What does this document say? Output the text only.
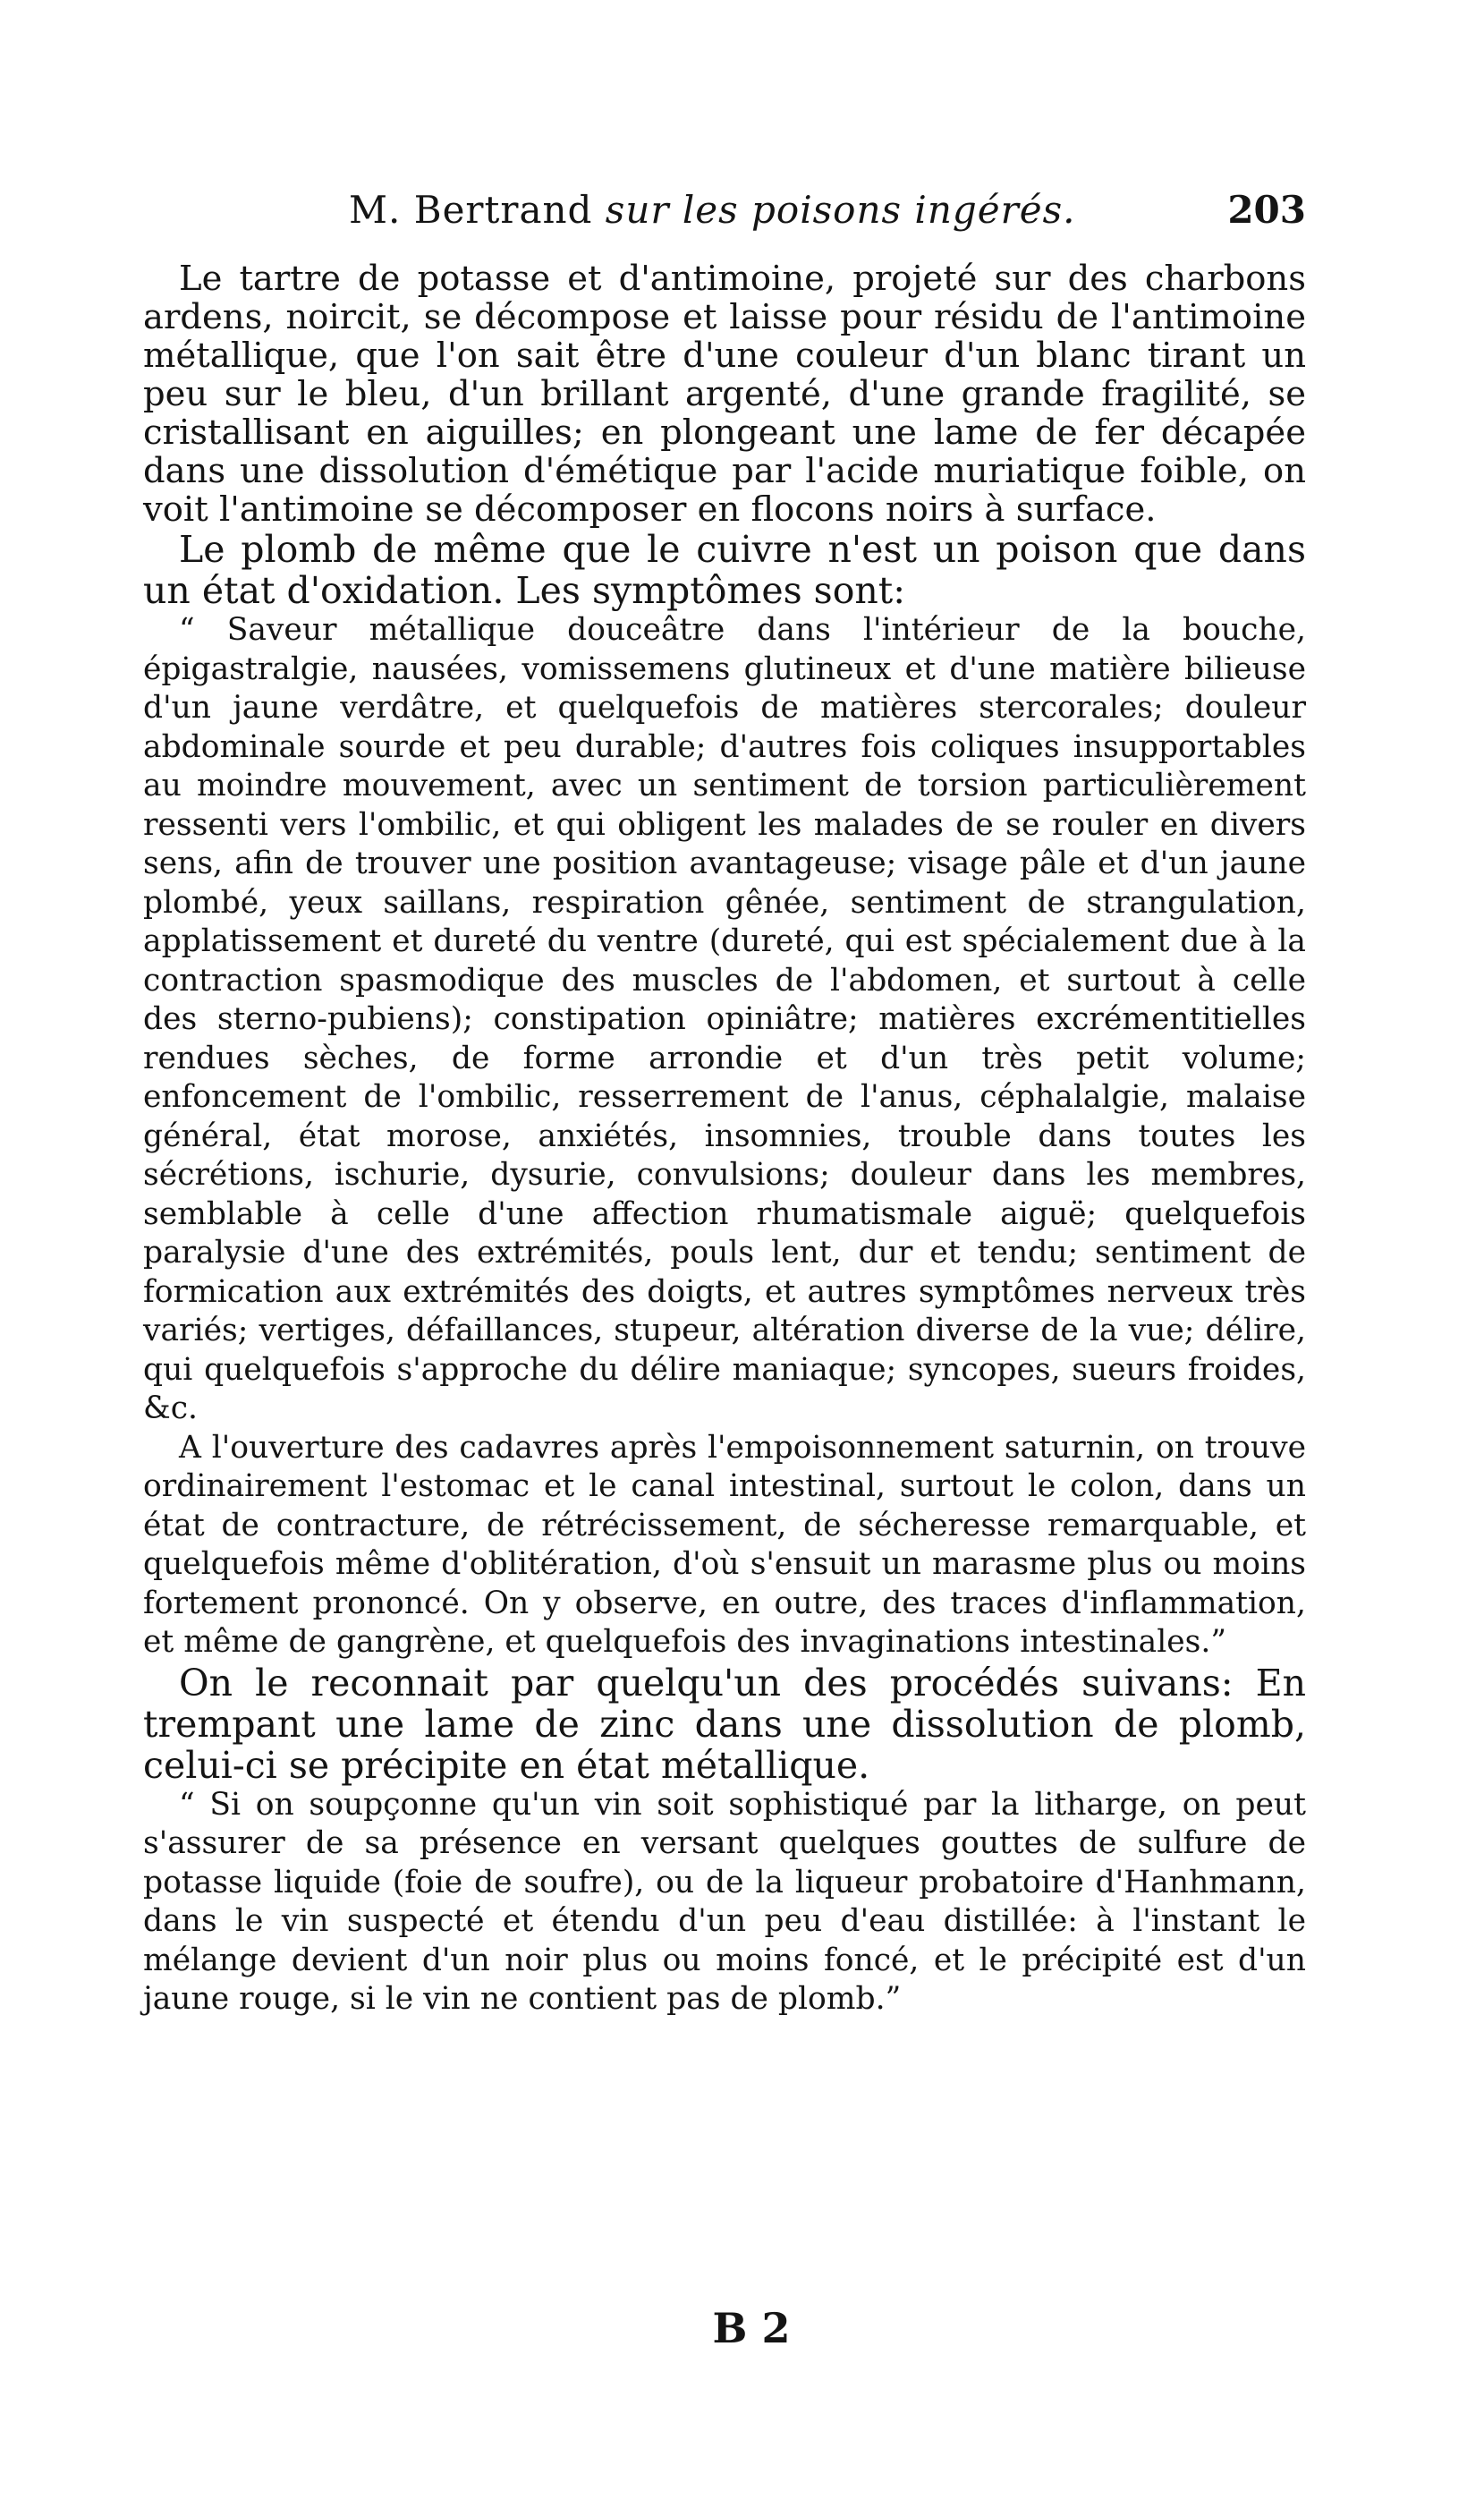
M. Bertrand sur les poisons ingérés.	203

Le tartre de potasse et d'antimoine, projeté sur des charbons ardens, noircit, se décompose et laisse pour résidu de l'antimoine métallique, que l'on sait être d'une couleur d'un blanc tirant un peu sur le bleu, d'un brillant argenté, d'une grande fragilité, se cristallisant en aiguilles; en plongeant une lame de fer décapée dans une dissolution d'émétique par l'acide muriatique foible, on voit l'antimoine se décomposer en flocons noirs à surface.

Le plomb de même que le cuivre n'est un poison que dans un état d'oxidation. Les symptômes sont:

“ Saveur métallique douceâtre dans l'intérieur de la bouche, épigastralgie, nausées, vomissemens glutineux et d'une matière bilieuse d'un jaune verdâtre, et quelquefois de matières stercorales; douleur abdominale sourde et peu durable; d'autres fois coliques insupportables au moindre mouvement, avec un sentiment de torsion particulièrement ressenti vers l'ombilic, et qui obligent les malades de se rouler en divers sens, afin de trouver une position avantageuse; visage pâle et d'un jaune plombé, yeux saillans, respiration gênée, sentiment de strangulation, applatissement et dureté du ventre (dureté, qui est spécialement due à la contraction spasmodique des muscles de l'abdomen, et surtout à celle des sterno-pubiens); constipation opiniâtre; matières excrémentitielles rendues sèches, de forme arrondie et d'un très petit volume; enfoncement de l'ombilic, resserrement de l'anus, céphalalgie, malaise général, état morose, anxiétés, insomnies, trouble dans toutes les sécrétions, ischurie, dysurie, convulsions; douleur dans les membres, semblable à celle d'une affection rhumatismale aiguë; quelquefois paralysie d'une des extrémités, pouls lent, dur et tendu; sentiment de formication aux extrémités des doigts, et autres symptômes nerveux très variés; vertiges, défaillances, stupeur, altération diverse de la vue; délire, qui quelquefois s'approche du délire maniaque; syncopes, sueurs froides, &c.

A l'ouverture des cadavres après l'empoisonnement saturnin, on trouve ordinairement l'estomac et le canal intestinal, surtout le colon, dans un état de contracture, de rétrécissement, de sécheresse remarquable, et quelquefois même d'oblitération, d'où s'ensuit un marasme plus ou moins fortement prononcé. On y observe, en outre, des traces d'inflammation, et même de gangrène, et quelquefois des invaginations intestinales.”

On le reconnait par quelqu'un des procédés suivans: En trempant une lame de zinc dans une dissolution de plomb, celui-ci se précipite en état métallique.

“ Si on soupçonne qu'un vin soit sophistiqué par la litharge, on peut s'assurer de sa présence en versant quelques gouttes de sulfure de potasse liquide (foie de soufre), ou de la liqueur probatoire d'Hanhmann, dans le vin suspecté et étendu d'un peu d'eau distillée: à l'instant le mélange devient d'un noir plus ou moins foncé, et le précipité est d'un jaune rouge, si le vin ne contient pas de plomb.”

B 2
